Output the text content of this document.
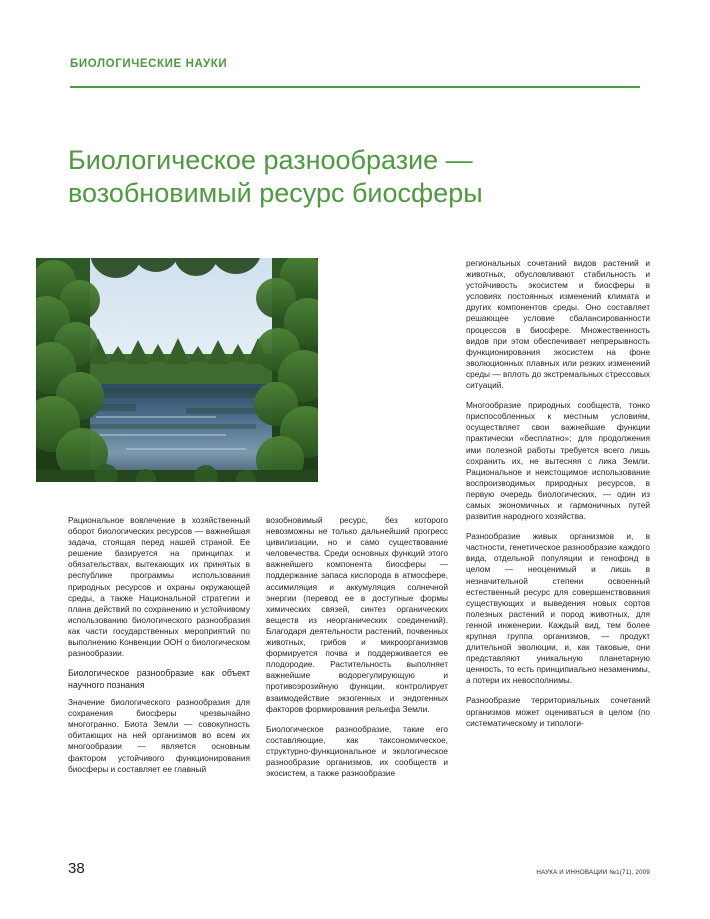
БИОЛОГИЧЕСКИЕ НАУКИ
Биологическое разнообразие — возобновимый ресурс биосферы

Рациональное вовлечение в хозяйственный оборот биологических ресурсов — важнейшая задача, стоящая перед нашей страной. Ее решение базируется на принципах и обязательствах, вытекающих их принятых в республике программы использования природных ресурсов и охраны окружающей среды, а также Национальной стратегии и плана действий по сохранению и устойчивому использованию биологического разнообразия как части государственных мероприятий по выполнению Конвенции ООН о биологическом разнообразии.

Биологическое разнообразие как объект научного познания

Значение биологического разнообразия для сохранения биосферы чрезвычайно многогранно. Биота Земли — совокупность обитающих на ней организмов во всем их многообразии — является основным фактором устойчивого функционирования биосферы и составляет ее главный

возобновимый ресурс, без которого невозможны не только дальнейший прогресс цивилизации, но и само существование человечества. Среди основных функций этого важнейшего компонента биосферы — поддержание запаса кислорода в атмосфере, ассимиляция и аккумуляция солнечной энергии (перевод ее в доступные формы химических связей, синтез органических веществ из неорганических соединений). Благодаря деятельности растений, почвенных животных, грибов и микроорганизмов формируется почва и поддерживается ее плодородие. Растительность выполняет важнейшие водорегулирующую и противоэрозийную функции, контролирует взаимодействие экзогенных и эндогенных факторов формирования рельефа Земли.

Биологическое разнообразие, такие его составляющие, как таксономическое, структурно-функциональное и экологическое разнообразие организмов, их сообществ и экосистем, а также разнообразие

региональных сочетаний видов растений и животных, обусловливают стабильность и устойчивость экосистем и биосферы в условиях постоянных изменений климата и других компонентов среды. Оно составляет решающее условие сбалансированности процессов в биосфере. Множественность видов при этом обеспечивает непрерывность функционирования экосистем на фоне эволюционных плавных или резких изменений среды — вплоть до экстремальных стрессовых ситуаций.

Многообразие природных сообществ, тонко приспособленных к местным условиям, осуществляет свои важнейшие функции практически «бесплатно»; для продолжения ими полезной работы требуется всего лишь сохранить их, не вытесняя с лика Земли. Рациональное и неистощимое использование воспроизводимых природных ресурсов, в первую очередь биологических, — один из самых экономичных и гармоничных путей развития народного хозяйства.

Разнообразие живых организмов и, в частности, генетическое разнообразие каждого вида, отдельной популяции и генофонд в целом — неоценимый и лишь в незначительной степени освоенный естественный ресурс для совершенствования существующих и выведения новых сортов полезных растений и пород животных, для генной инженерии. Каждый вид, тем более крупная группа организмов, — продукт длительной эволюции, и, как таковые, они представляют уникальную планетарную ценность, то есть принципиально незаменимы, а потери их невосполнимы.

Разнообразие территориальных сочетаний организмов может оцениваться в целом (по систематическому и типологи-

38	НАУКА И ИННОВАЦИИ №1(71), 2009
